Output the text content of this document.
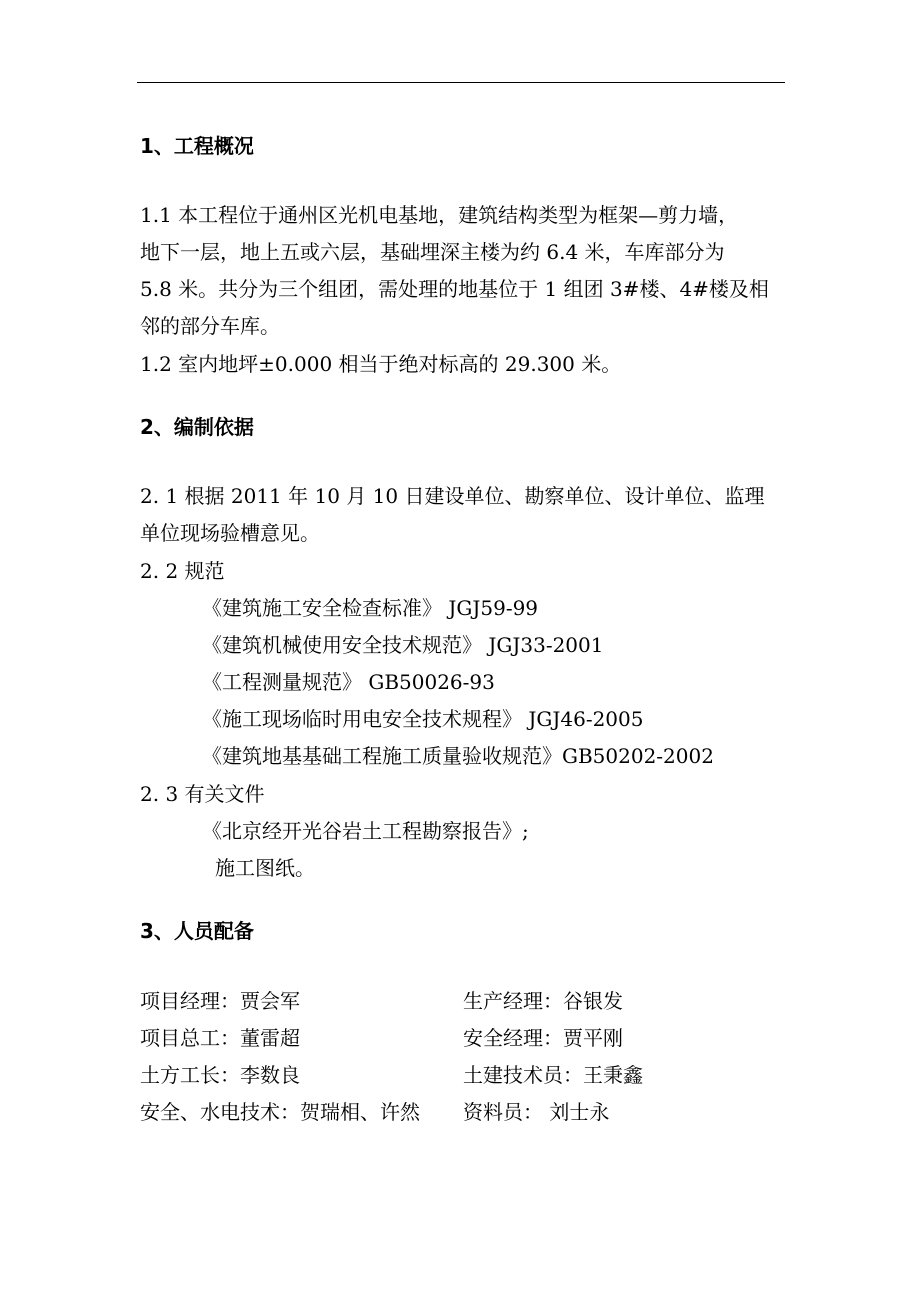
1、工程概况
1.1 本工程位于通州区光机电基地，建筑结构类型为框架—剪力墙，
地下一层，地上五或六层，基础埋深主楼为约 6.4 米，车库部分为
5.8 米。共分为三个组团，需处理的地基位于 1 组团 3#楼、4#楼及相
邻的部分车库。
1.2 室内地坪±0.000 相当于绝对标高的 29.300 米。
2、编制依据
2. 1 根据 2011 年 10 月 10 日建设单位、勘察单位、设计单位、监理
单位现场验槽意见。
2. 2 规范
《建筑施工安全检查标准》 JGJ59-99
《建筑机械使用安全技术规范》 JGJ33-2001
《工程测量规范》 GB50026-93
《施工现场临时用电安全技术规程》 JGJ46-2005
《建筑地基基础工程施工质量验收规范》GB50202-2002
2. 3 有关文件
《北京经开光谷岩土工程勘察报告》;
施工图纸。
3、人员配备
项目经理：贾会军	生产经理：谷银发
项目总工：董雷超	安全经理：贾平刚
土方工长：李数良	土建技术员：王秉鑫
安全、水电技术：贺瑞相、许然 资料员： 刘士永
